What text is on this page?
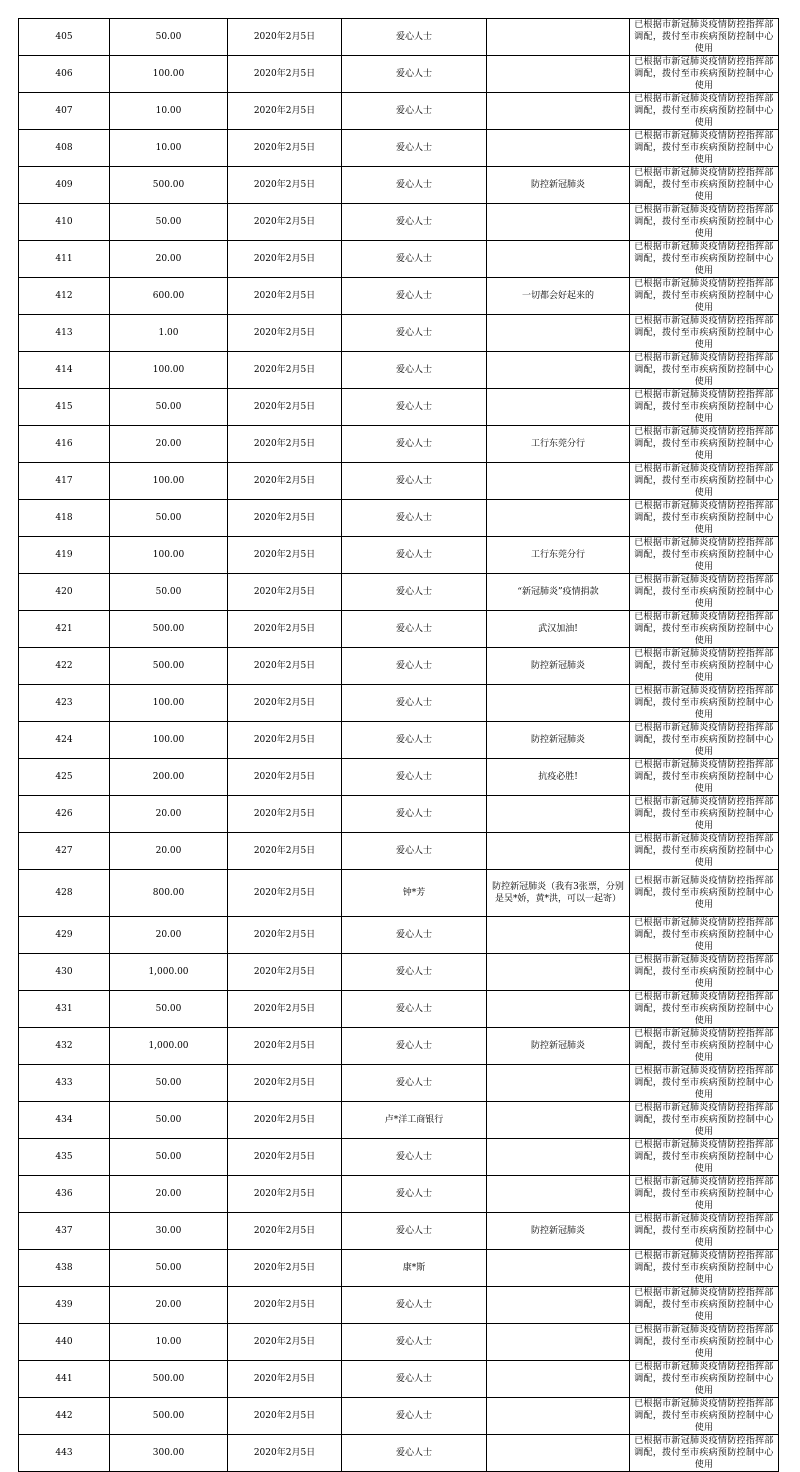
405	50.00	2020年2月5日	爱心人士		已根据市新冠肺炎疫情防控指挥部调配，拨付至市疾病预防控制中心使用
406	100.00	2020年2月5日	爱心人士		已根据市新冠肺炎疫情防控指挥部调配，拨付至市疾病预防控制中心使用
407	10.00	2020年2月5日	爱心人士		已根据市新冠肺炎疫情防控指挥部调配，拨付至市疾病预防控制中心使用
408	10.00	2020年2月5日	爱心人士		已根据市新冠肺炎疫情防控指挥部调配，拨付至市疾病预防控制中心使用
409	500.00	2020年2月5日	爱心人士	防控新冠肺炎	已根据市新冠肺炎疫情防控指挥部调配，拨付至市疾病预防控制中心使用
410	50.00	2020年2月5日	爱心人士		已根据市新冠肺炎疫情防控指挥部调配，拨付至市疾病预防控制中心使用
411	20.00	2020年2月5日	爱心人士		已根据市新冠肺炎疫情防控指挥部调配，拨付至市疾病预防控制中心使用
412	600.00	2020年2月5日	爱心人士	一切都会好起来的	已根据市新冠肺炎疫情防控指挥部调配，拨付至市疾病预防控制中心使用
413	1.00	2020年2月5日	爱心人士		已根据市新冠肺炎疫情防控指挥部调配，拨付至市疾病预防控制中心使用
414	100.00	2020年2月5日	爱心人士		已根据市新冠肺炎疫情防控指挥部调配，拨付至市疾病预防控制中心使用
415	50.00	2020年2月5日	爱心人士		已根据市新冠肺炎疫情防控指挥部调配，拨付至市疾病预防控制中心使用
416	20.00	2020年2月5日	爱心人士	工行东莞分行	已根据市新冠肺炎疫情防控指挥部调配，拨付至市疾病预防控制中心使用
417	100.00	2020年2月5日	爱心人士		已根据市新冠肺炎疫情防控指挥部调配，拨付至市疾病预防控制中心使用
418	50.00	2020年2月5日	爱心人士		已根据市新冠肺炎疫情防控指挥部调配，拨付至市疾病预防控制中心使用
419	100.00	2020年2月5日	爱心人士	工行东莞分行	已根据市新冠肺炎疫情防控指挥部调配，拨付至市疾病预防控制中心使用
420	50.00	2020年2月5日	爱心人士	“新冠肺炎”疫情捐款	已根据市新冠肺炎疫情防控指挥部调配，拨付至市疾病预防控制中心使用
421	500.00	2020年2月5日	爱心人士	武汉加油!	已根据市新冠肺炎疫情防控指挥部调配，拨付至市疾病预防控制中心使用
422	500.00	2020年2月5日	爱心人士	防控新冠肺炎	已根据市新冠肺炎疫情防控指挥部调配，拨付至市疾病预防控制中心使用
423	100.00	2020年2月5日	爱心人士		已根据市新冠肺炎疫情防控指挥部调配，拨付至市疾病预防控制中心使用
424	100.00	2020年2月5日	爱心人士	防控新冠肺炎	已根据市新冠肺炎疫情防控指挥部调配，拨付至市疾病预防控制中心使用
425	200.00	2020年2月5日	爱心人士	抗疫必胜!	已根据市新冠肺炎疫情防控指挥部调配，拨付至市疾病预防控制中心使用
426	20.00	2020年2月5日	爱心人士		已根据市新冠肺炎疫情防控指挥部调配，拨付至市疾病预防控制中心使用
427	20.00	2020年2月5日	爱心人士		已根据市新冠肺炎疫情防控指挥部调配，拨付至市疾病预防控制中心使用
428	800.00	2020年2月5日	钟*芳	防控新冠肺炎（我有3张票，分别是吴*娇，黄*洪，可以一起寄）	已根据市新冠肺炎疫情防控指挥部调配，拨付至市疾病预防控制中心使用
429	20.00	2020年2月5日	爱心人士		已根据市新冠肺炎疫情防控指挥部调配，拨付至市疾病预防控制中心使用
430	1,000.00	2020年2月5日	爱心人士		已根据市新冠肺炎疫情防控指挥部调配，拨付至市疾病预防控制中心使用
431	50.00	2020年2月5日	爱心人士		已根据市新冠肺炎疫情防控指挥部调配，拨付至市疾病预防控制中心使用
432	1,000.00	2020年2月5日	爱心人士	防控新冠肺炎	已根据市新冠肺炎疫情防控指挥部调配，拨付至市疾病预防控制中心使用
433	50.00	2020年2月5日	爱心人士		已根据市新冠肺炎疫情防控指挥部调配，拨付至市疾病预防控制中心使用
434	50.00	2020年2月5日	卢*洋工商银行		已根据市新冠肺炎疫情防控指挥部调配，拨付至市疾病预防控制中心使用
435	50.00	2020年2月5日	爱心人士		已根据市新冠肺炎疫情防控指挥部调配，拨付至市疾病预防控制中心使用
436	20.00	2020年2月5日	爱心人士		已根据市新冠肺炎疫情防控指挥部调配，拨付至市疾病预防控制中心使用
437	30.00	2020年2月5日	爱心人士	防控新冠肺炎	已根据市新冠肺炎疫情防控指挥部调配，拨付至市疾病预防控制中心使用
438	50.00	2020年2月5日	康*斯		已根据市新冠肺炎疫情防控指挥部调配，拨付至市疾病预防控制中心使用
439	20.00	2020年2月5日	爱心人士		已根据市新冠肺炎疫情防控指挥部调配，拨付至市疾病预防控制中心使用
440	10.00	2020年2月5日	爱心人士		已根据市新冠肺炎疫情防控指挥部调配，拨付至市疾病预防控制中心使用
441	500.00	2020年2月5日	爱心人士		已根据市新冠肺炎疫情防控指挥部调配，拨付至市疾病预防控制中心使用
442	500.00	2020年2月5日	爱心人士		已根据市新冠肺炎疫情防控指挥部调配，拨付至市疾病预防控制中心使用
443	300.00	2020年2月5日	爱心人士		已根据市新冠肺炎疫情防控指挥部调配，拨付至市疾病预防控制中心使用
